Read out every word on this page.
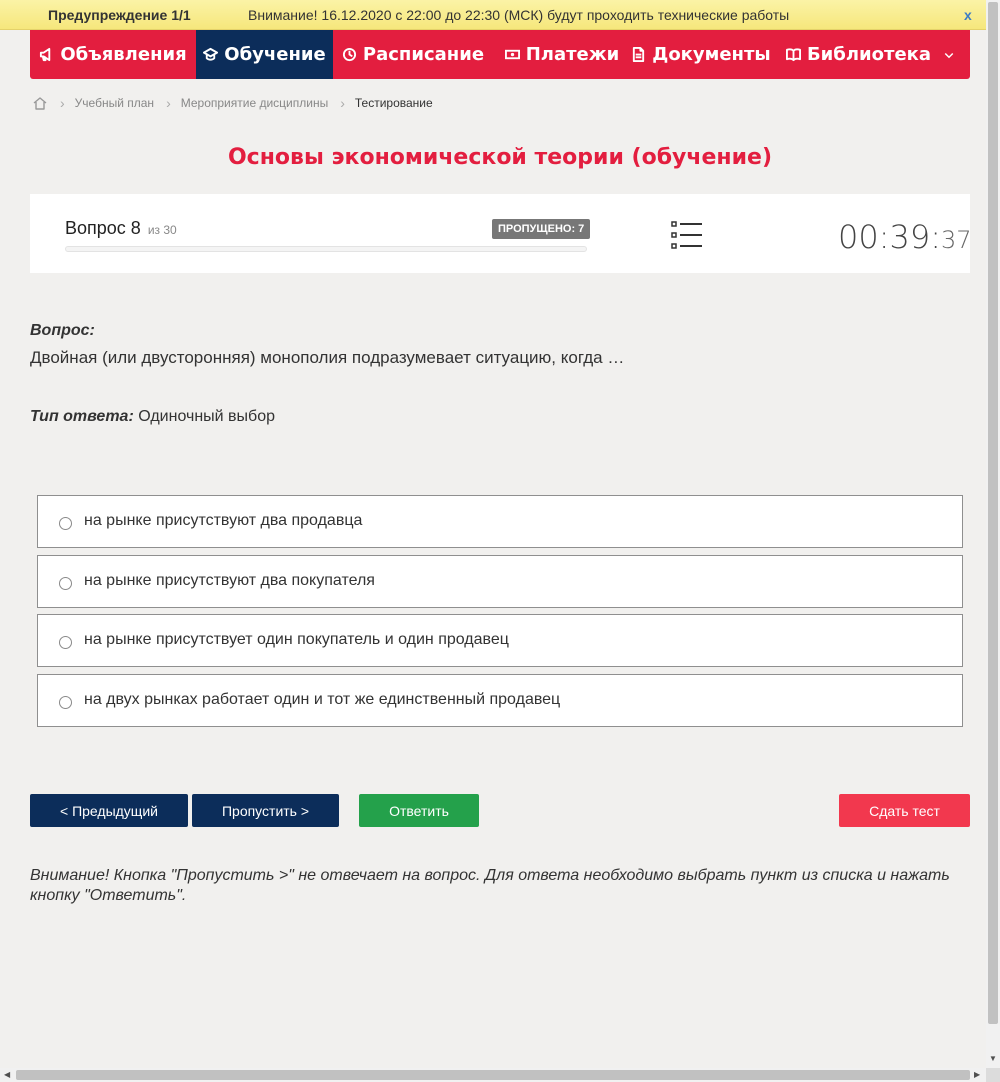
Предупреждение 1/1	Внимание! 16.12.2020 с 22:00 до 22:30 (МСК) будут проходить технические работы	x
Объявления Обучение Расписание Платежи Документы Библиотека
› Учебный план › Мероприятие дисциплины › Тестирование
Основы экономической теории (обучение)
Вопрос 8 из 30	ПРОПУЩЕНО: 7	00:39:37
Вопрос:
Двойная (или двусторонняя) монополия подразумевает ситуацию, когда …
Тип ответа: Одиночный выбор
на рынке присутствуют два продавца
на рынке присутствуют два покупателя
на рынке присутствует один покупатель и один продавец
на двух рынках работает один и тот же единственный продавец
< Предыдущий	Пропустить >	Ответить	Сдать тест
Внимание! Кнопка "Пропустить >" не отвечает на вопрос. Для ответа необходимо выбрать пункт из списка и нажать кнопку "Ответить".
▼
◀	▶
